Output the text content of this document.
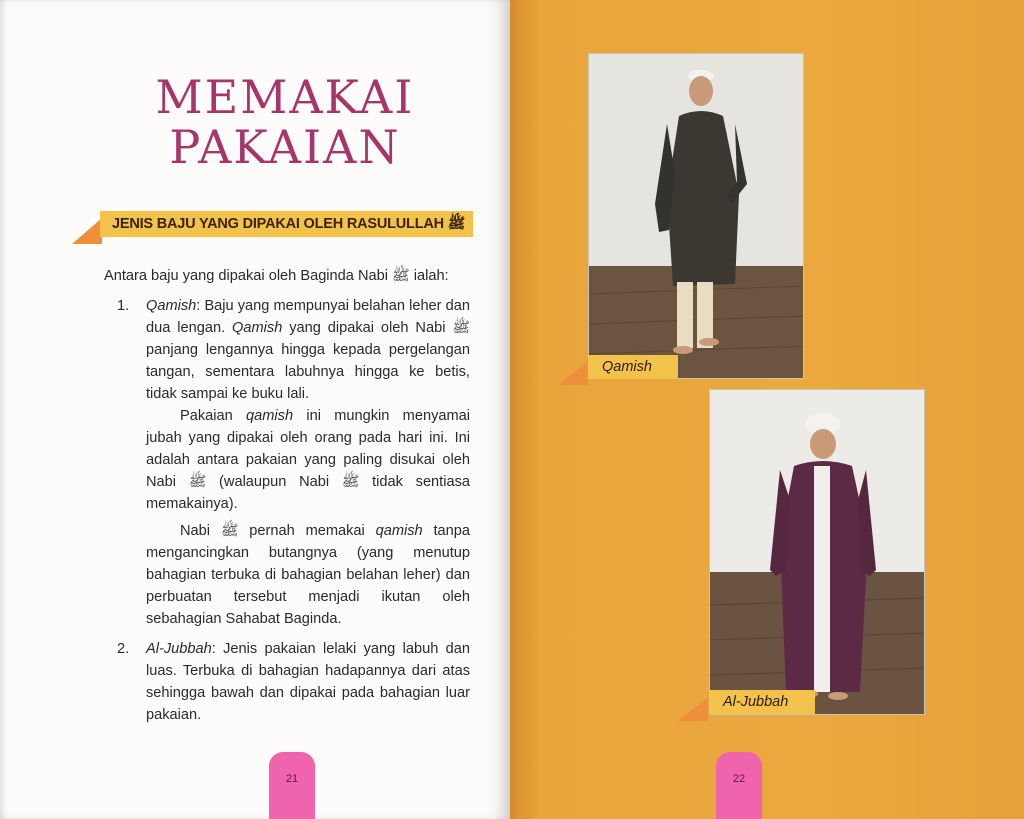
MEMAKAI
PAKAIAN
JENIS BAJU YANG DIPAKAI OLEH RASULULLAH ﷺ
Antara baju yang dipakai oleh Baginda Nabi ﷺ ialah:
1. Qamish: Baju yang mempunyai belahan leher dan dua lengan. Qamish yang dipakai oleh Nabi ﷺ panjang lengannya hingga kepada pergelangan tangan, sementara labuhnya hingga ke betis, tidak sampai ke buku lali.
Pakaian qamish ini mungkin menyamai jubah yang dipakai oleh orang pada hari ini. Ini adalah antara pakaian yang paling disukai oleh Nabi ﷺ (walaupun Nabi ﷺ tidak sentiasa memakainya).
Nabi ﷺ pernah memakai qamish tanpa mengancingkan butangnya (yang menutup bahagian terbuka di bahagian belahan leher) dan perbuatan tersebut menjadi ikutan oleh sebahagian Sahabat Baginda.
2. Al-Jubbah: Jenis pakaian lelaki yang labuh dan luas. Terbuka di bahagian hadapannya dari atas sehingga bawah dan dipakai pada bahagian luar pakaian.
21
Qamish
Al-Jubbah
22
